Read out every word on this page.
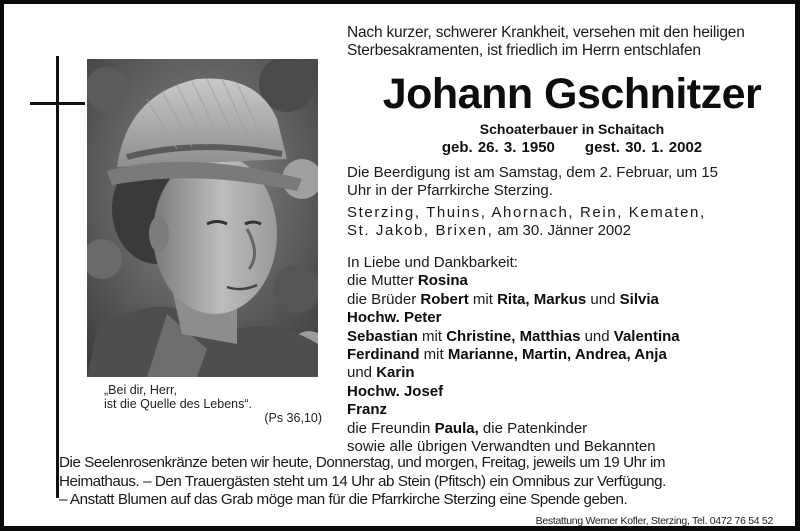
„Bei dir, Herr,
ist die Quelle des Lebens“.
(Ps 36,10)
Nach kurzer, schwerer Krankheit, versehen mit den heiligen
Sterbesakramenten, ist friedlich im Herrn entschlafen
Johann Gschnitzer
Schoaterbauer in Schaitach
geb. 26. 3. 1950 gest. 30. 1. 2002
Die Beerdigung ist am Samstag, dem 2. Februar, um 15
Uhr in der Pfarrkirche Sterzing.
Sterzing, Thuins, Ahornach, Rein, Kematen,
St. Jakob, Brixen, am 30. Jänner 2002
In Liebe und Dankbarkeit:
die Mutter Rosina
die Brüder Robert mit Rita, Markus und Silvia
Hochw. Peter
Sebastian mit Christine, Matthias und Valentina
Ferdinand mit Marianne, Martin, Andrea, Anja
und Karin
Hochw. Josef
Franz
die Freundin Paula, die Patenkinder
sowie alle übrigen Verwandten und Bekannten
Die Seelenrosenkränze beten wir heute, Donnerstag, und morgen, Freitag, jeweils um 19 Uhr im
Heimathaus. – Den Trauergästen steht um 14 Uhr ab Stein (Pfitsch) ein Omnibus zur Verfügung.
– Anstatt Blumen auf das Grab möge man für die Pfarrkirche Sterzing eine Spende geben.
Bestattung Werner Kofler, Sterzing, Tel. 0472 76 54 52
